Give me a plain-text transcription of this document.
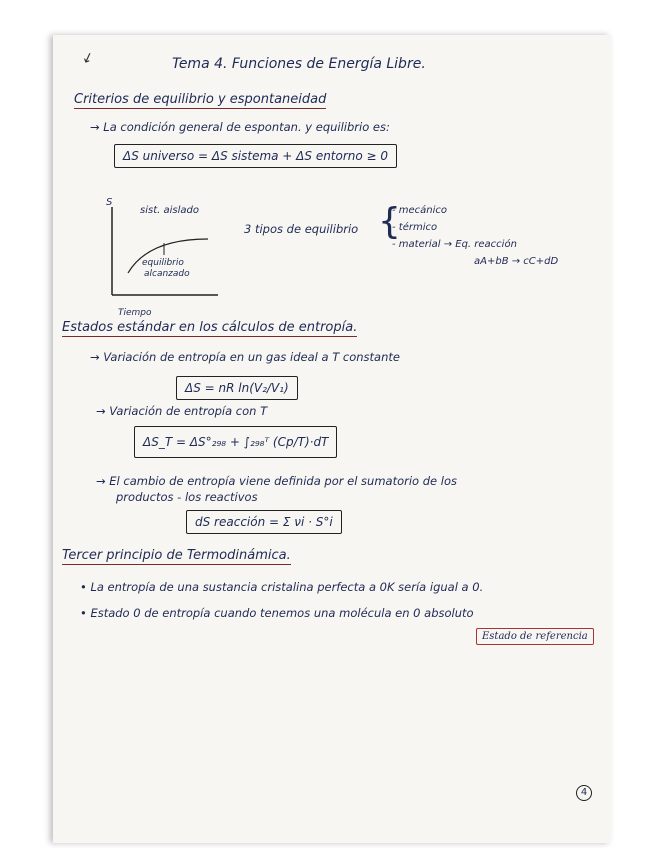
↙	Tema 4. Funciones de Energía Libre.
Criterios de equilibrio y espontaneidad
→ La condición general de espontan. y equilibrio es:
ΔS universo = ΔS sistema + ΔS entorno ≥ 0
S
sist. aislado
equilibrio
alcanzado
Tiempo
3 tipos de equilibrio {
- mecánico
- térmico
- material → Eq. reacción
aA+bB → cC+dD
Estados estándar en los cálculos de entropía.
→ Variación de entropía en un gas ideal a T constante
ΔS = nR ln(V₂/V₁)
→ Variación de entropía con T
ΔS_T = ΔS°₂₉₈ + ∫₂₉₈ᵀ (Cp/T)·dT
→ El cambio de entropía viene definida por el sumatorio de los
productos - los reactivos
dS reacción = Σ νi · S°i
Tercer principio de Termodinámica.
• La entropía de una sustancia cristalina perfecta a 0K sería igual a 0.
• Estado 0 de entropía cuando tenemos una molécula en 0 absoluto
Estado de referencia
4
